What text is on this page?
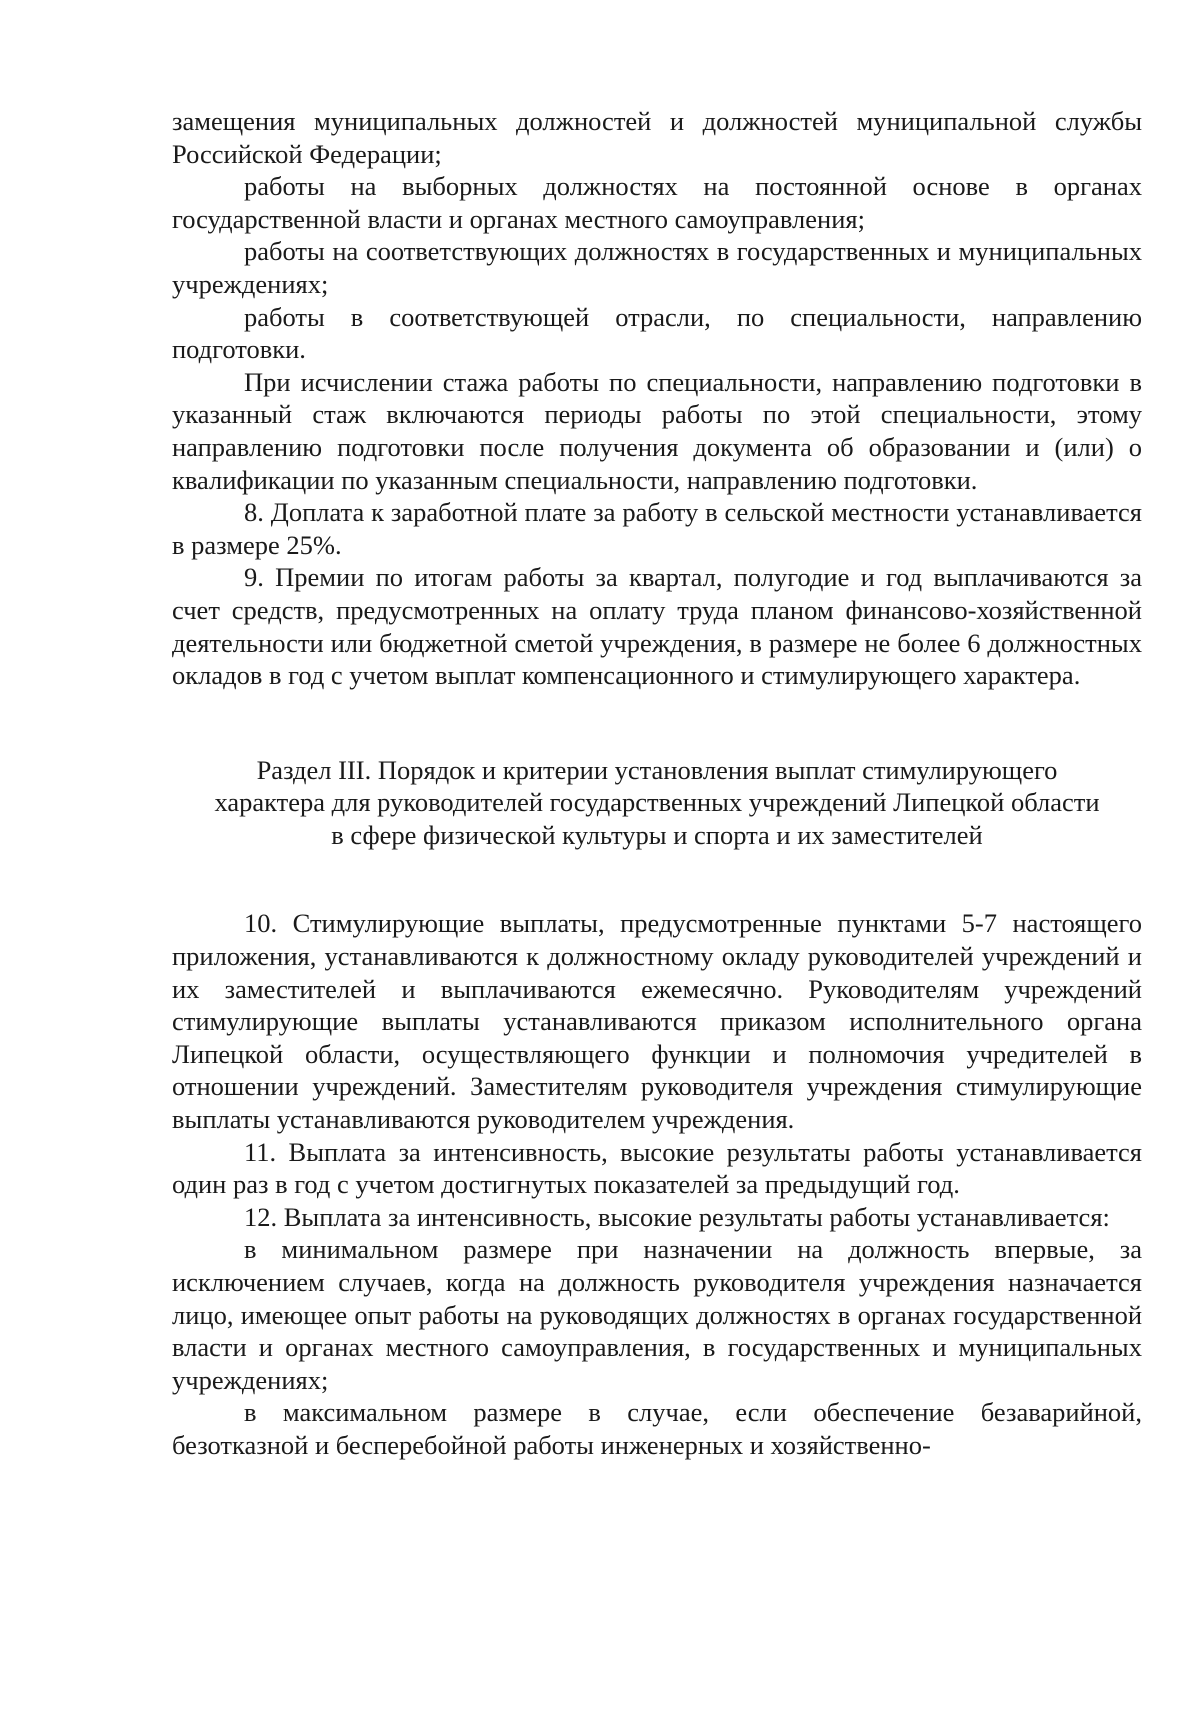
замещения муниципальных должностей и должностей муниципальной службы Российской Федерации;

работы на выборных должностях на постоянной основе в органах государственной власти и органах местного самоуправления;

работы на соответствующих должностях в государственных и муниципальных учреждениях;

работы в соответствующей отрасли, по специальности, направлению подготовки.

При исчислении стажа работы по специальности, направлению подготовки в указанный стаж включаются периоды работы по этой специальности, этому направлению подготовки после получения документа об образовании и (или) о квалификации по указанным специальности, направлению подготовки.

8. Доплата к заработной плате за работу в сельской местности устанавливается в размере 25%.

9. Премии по итогам работы за квартал, полугодие и год выплачиваются за счет средств, предусмотренных на оплату труда планом финансово-хозяйственной деятельности или бюджетной сметой учреждения, в размере не более 6 должностных окладов в год с учетом выплат компенсационного и стимулирующего характера.

Раздел III. Порядок и критерии установления выплат стимулирующего
характера для руководителей государственных учреждений Липецкой области
в сфере физической культуры и спорта и их заместителей

10. Стимулирующие выплаты, предусмотренные пунктами 5-7 настоящего приложения, устанавливаются к должностному окладу руководителей учреждений и их заместителей и выплачиваются ежемесячно. Руководителям учреждений стимулирующие выплаты устанавливаются приказом исполнительного органа Липецкой области, осуществляющего функции и полномочия учредителей в отношении учреждений. Заместителям руководителя учреждения стимулирующие выплаты устанавливаются руководителем учреждения.

11. Выплата за интенсивность, высокие результаты работы устанавливается один раз в год с учетом достигнутых показателей за предыдущий год.

12. Выплата за интенсивность, высокие результаты работы устанавливается:

в минимальном размере при назначении на должность впервые, за исключением случаев, когда на должность руководителя учреждения назначается лицо, имеющее опыт работы на руководящих должностях в органах государственной власти и органах местного самоуправления, в государственных и муниципальных учреждениях;

в максимальном размере в случае, если обеспечение безаварийной, безотказной и бесперебойной работы инженерных и хозяйственно-
